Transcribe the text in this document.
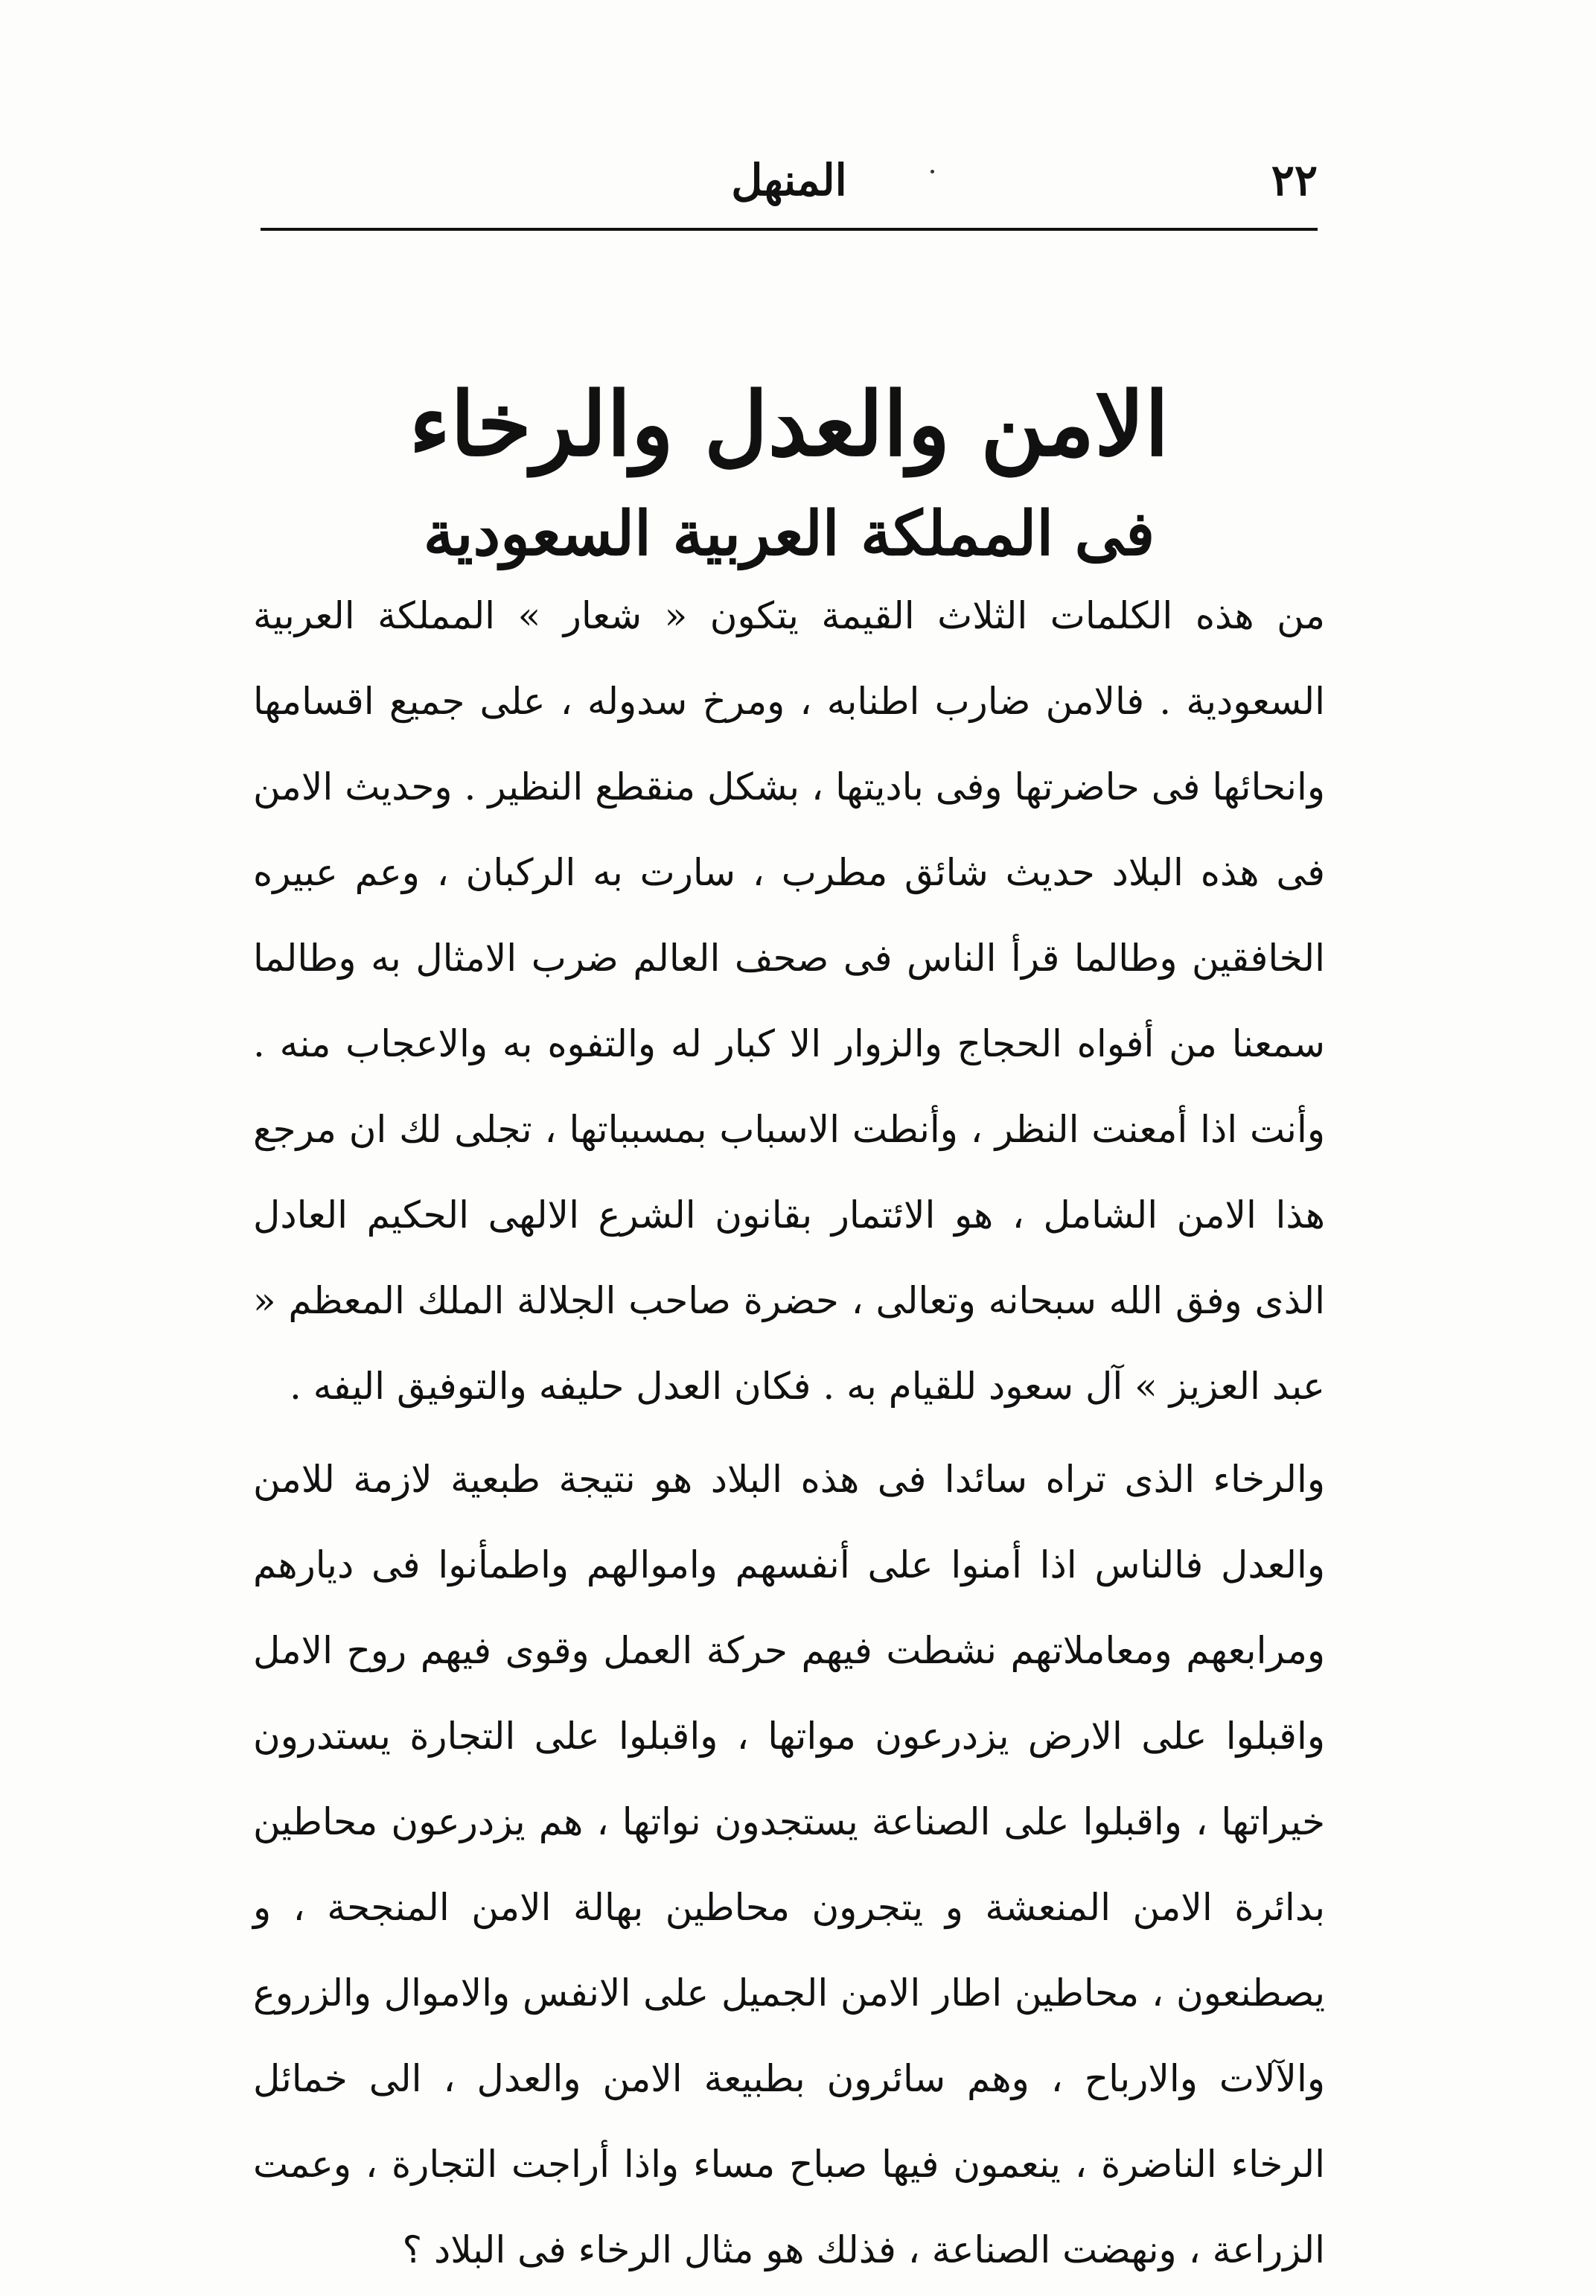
٢٢
المنهل
الامن والعدل والرخاء
فى المملكة العربية السعودية

من هذه الكلمات الثلاث القيمة يتكون « شعار » المملكة العربية السعودية . فالامن ضارب اطنابه ، ومرخ سدوله ، على جميع اقسامها وانحائها فى حاضرتها وفى باديتها ، بشكل منقطع النظير . وحديث الامن فى هذه البلاد حديث شائق مطرب ، سارت به الركبان ، وعم عبيره الخافقين وطالما قرأ الناس فى صحف العالم ضرب الامثال به وطالما سمعنا من أفواه الحجاج والزوار الا كبار له والتفوه به والاعجاب منه . وأنت اذا أمعنت النظر ، وأنطت الاسباب بمسبباتها ، تجلى لك ان مرجع هذا الامن الشامل ، هو الائتمار بقانون الشرع الالهى الحكيم العادل الذى وفق الله سبحانه وتعالى ، حضرة صاحب الجلالة الملك المعظم « عبد العزيز » آل سعود للقيام به . فكان العدل حليفه والتوفيق اليفه .

والرخاء الذى تراه سائدا فى هذه البلاد هو نتيجة طبعية لازمة للامن والعدل فالناس اذا أمنوا على أنفسهم واموالهم واطمأنوا فى ديارهم ومرابعهم ومعاملاتهم نشطت فيهم حركة العمل وقوى فيهم روح الامل واقبلوا على الارض يزدرعون مواتها ، واقبلوا على التجارة يستدرون خيراتها ، واقبلوا على الصناعة يستجدون نواتها ، هم يزدرعون محاطين بدائرة الامن المنعشة و يتجرون محاطين بهالة الامن المنجحة ، و يصطنعون ، محاطين اطار الامن الجميل على الانفس والاموال والزروع والآلات والارباح ، وهم سائرون بطبيعة الامن والعدل ، الى خمائل الرخاء الناضرة ، ينعمون فيها صباح مساء واذا أراجت التجارة ، وعمت الزراعة ، ونهضت الصناعة ، فذلك هو مثال الرخاء فى البلاد ؟
